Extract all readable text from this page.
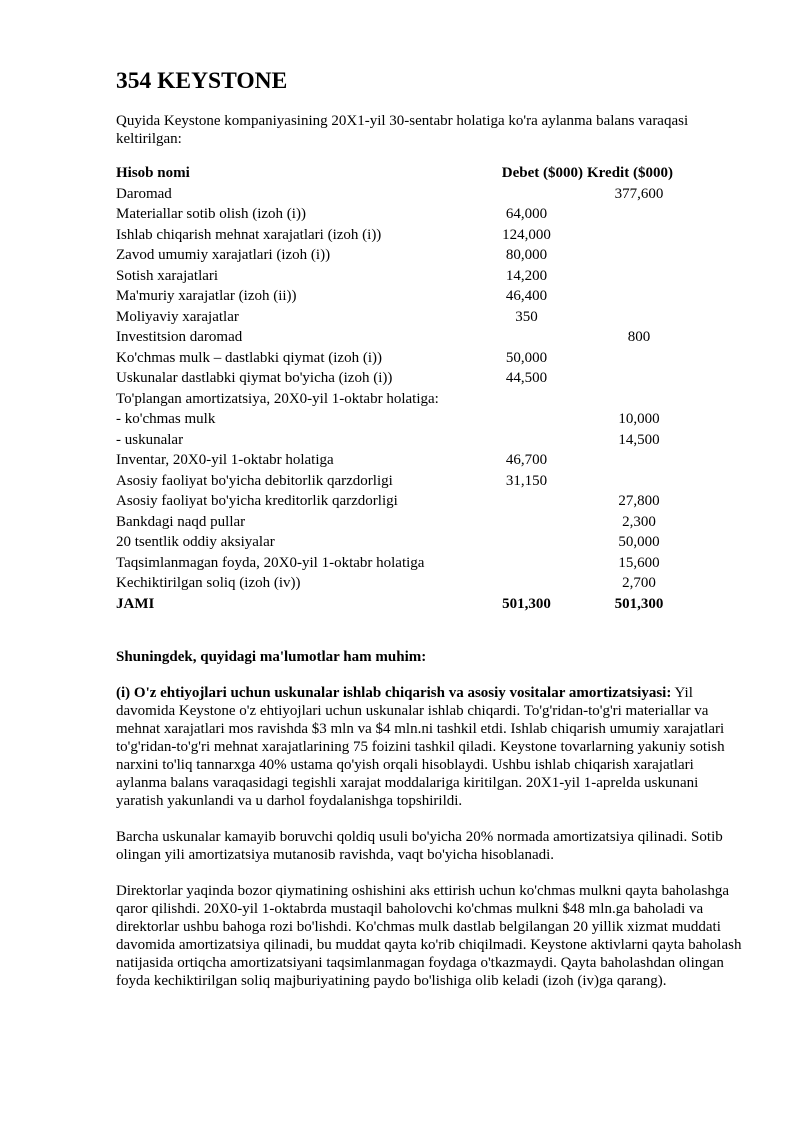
354 KEYSTONE

Quyida Keystone kompaniyasining 20X1-yil 30-sentabr holatiga ko'ra aylanma balans varaqasi keltirilgan:

Hisob nomi	Debet ($000)	Kredit ($000)
Daromad		377,600
Materiallar sotib olish (izoh (i))	64,000	
Ishlab chiqarish mehnat xarajatlari (izoh (i))	124,000	
Zavod umumiy xarajatlari (izoh (i))	80,000	
Sotish xarajatlari	14,200	
Ma'muriy xarajatlar (izoh (ii))	46,400	
Moliyaviy xarajatlar	350	
Investitsion daromad		800
Ko'chmas mulk – dastlabki qiymat (izoh (i))	50,000	
Uskunalar dastlabki qiymat bo'yicha (izoh (i))	44,500	
To'plangan amortizatsiya, 20X0-yil 1-oktabr holatiga:		
- ko'chmas mulk		10,000
- uskunalar		14,500
Inventar, 20X0-yil 1-oktabr holatiga	46,700	
Asosiy faoliyat bo'yicha debitorlik qarzdorligi	31,150	
Asosiy faoliyat bo'yicha kreditorlik qarzdorligi		27,800
Bankdagi naqd pullar		2,300
20 tsentlik oddiy aksiyalar		50,000
Taqsimlanmagan foyda, 20X0-yil 1-oktabr holatiga		15,600
Kechiktirilgan soliq (izoh (iv))		2,700
JAMI	501,300	501,300

Shuningdek, quyidagi ma'lumotlar ham muhim:

(i) O'z ehtiyojlari uchun uskunalar ishlab chiqarish va asosiy vositalar amortizatsiyasi: Yil davomida Keystone o'z ehtiyojlari uchun uskunalar ishlab chiqardi. To'g'ridan-to'g'ri materiallar va mehnat xarajatlari mos ravishda $3 mln va $4 mln.ni tashkil etdi. Ishlab chiqarish umumiy xarajatlari to'g'ridan-to'g'ri mehnat xarajatlarining 75 foizini tashkil qiladi. Keystone tovarlarning yakuniy sotish narxini to'liq tannarxga 40% ustama qo'yish orqali hisoblaydi. Ushbu ishlab chiqarish xarajatlari aylanma balans varaqasidagi tegishli xarajat moddalariga kiritilgan. 20X1-yil 1-aprelda uskunani yaratish yakunlandi va u darhol foydalanishga topshirildi.

Barcha uskunalar kamayib boruvchi qoldiq usuli bo'yicha 20% normada amortizatsiya qilinadi. Sotib olingan yili amortizatsiya mutanosib ravishda, vaqt bo'yicha hisoblanadi.

Direktorlar yaqinda bozor qiymatining oshishini aks ettirish uchun ko'chmas mulkni qayta baholashga qaror qilishdi. 20X0-yil 1-oktabrda mustaqil baholovchi ko'chmas mulkni $48 mln.ga baholadi va direktorlar ushbu bahoga rozi bo'lishdi. Ko'chmas mulk dastlab belgilangan 20 yillik xizmat muddati davomida amortizatsiya qilinadi, bu muddat qayta ko'rib chiqilmadi. Keystone aktivlarni qayta baholash natijasida ortiqcha amortizatsiyani taqsimlanmagan foydaga o'tkazmaydi. Qayta baholashdan olingan foyda kechiktirilgan soliq majburiyatining paydo bo'lishiga olib keladi (izoh (iv)ga qarang).
